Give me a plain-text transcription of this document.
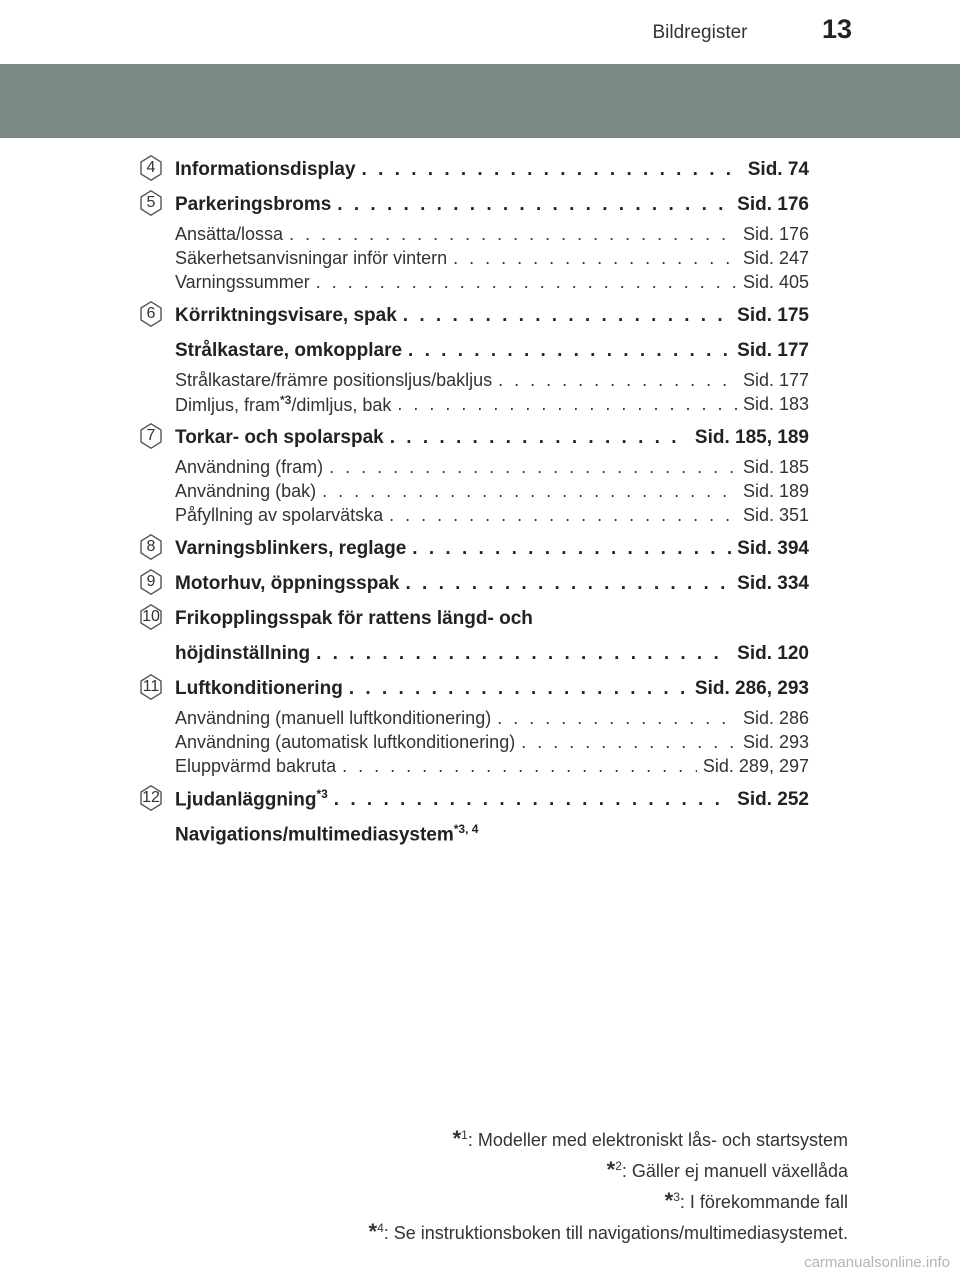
Bildregister	13
4 Informationsdisplay . . .	Sid. 74
5 Parkeringsbroms . . .	Sid. 176
Ansätta/lossa . . .	Sid. 176
Säkerhetsanvisningar inför vintern . . .	Sid. 247
Varningssummer . . .	Sid. 405
6 Körriktningsvisare, spak . . .	Sid. 175
Strålkastare, omkopplare . . .	Sid. 177
Strålkastare/främre positionsljus/bakljus . . .	Sid. 177
Dimljus, fram$^{*3}$/dimljus, bak . . .	Sid. 183
7 Torkar- och spolarspak . . .	Sid. 185, 189
Användning (fram) . . .	Sid. 185
Användning (bak) . . .	Sid. 189
Påfyllning av spolarvätska . . .	Sid. 351
8 Varningsblinkers, reglage . . .	Sid. 394
9 Motorhuv, öppningsspak . . .	Sid. 334
10 Frikopplingsspak för rattens längd- och
höjdinställning . . .	Sid. 120
11 Luftkonditionering . . .	Sid. 286, 293
Användning (manuell luftkonditionering) . . .	Sid. 286
Användning (automatisk luftkonditionering) . . .	Sid. 293
Eluppvärmd bakruta . . .	Sid. 289, 297
12 Ljudanläggning$^{*3}$ . . .	Sid. 252
Navigations/multimediasystem$^{*3, 4}$
*$^1$: Modeller med elektroniskt lås- och startsystem
*$^2$: Gäller ej manuell växellåda
*$^3$: I förekommande fall
*$^4$: Se instruktionsboken till navigations/multimediasystemet.
carmanualsonline.info
